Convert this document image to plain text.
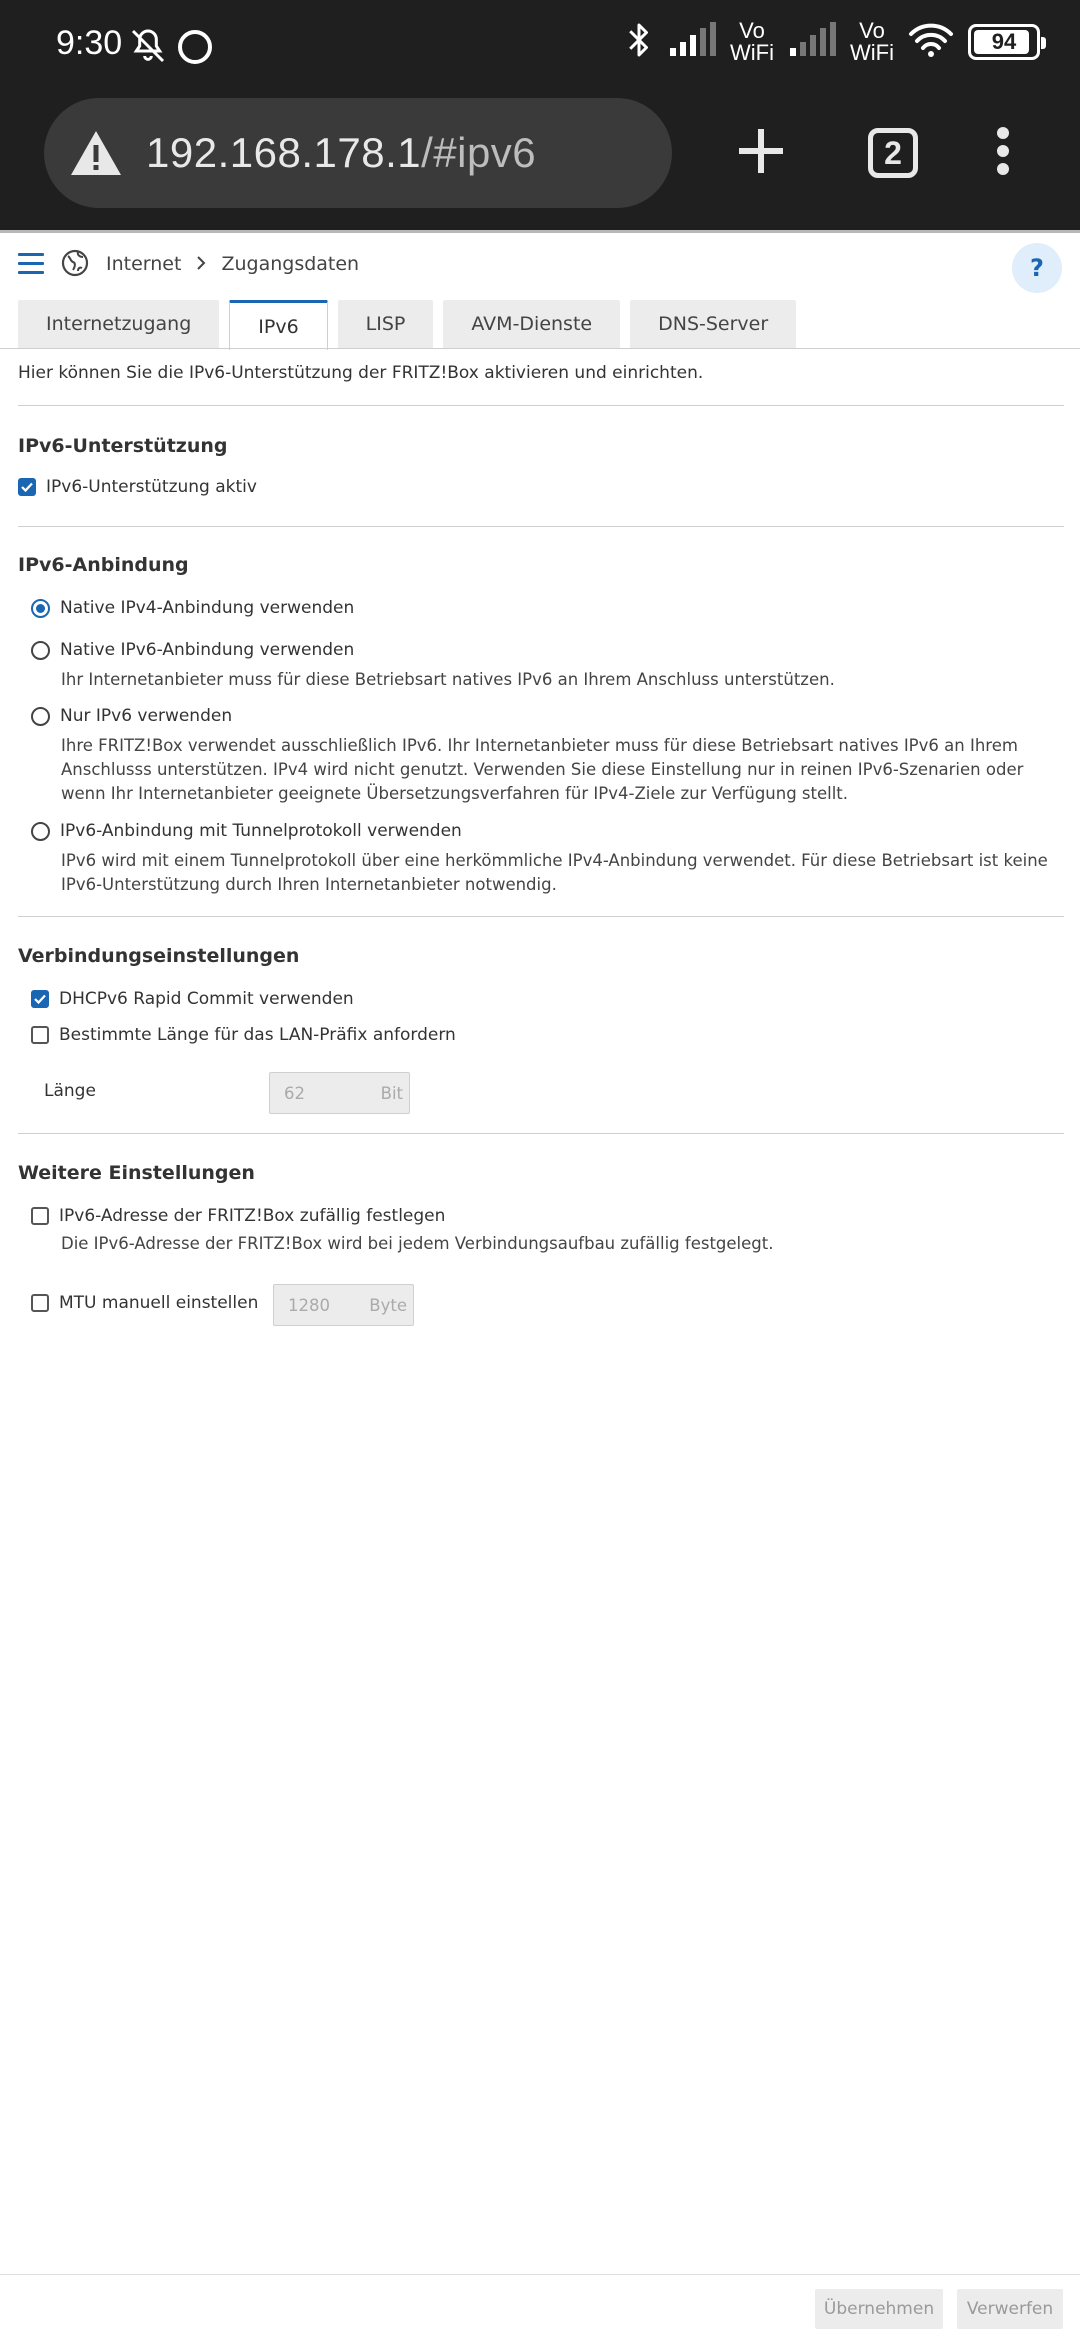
9:30	Vo
WiFi
Vo
WiFi	94
192.168.178.1/#ipv6	2
Internet Zugangsdaten	?
Internetzugang	IPv6	LISP	AVM-Dienste	DNS-Server
Hier können Sie die IPv6-Unterstützung der FRITZ!Box aktivieren und einrichten.
IPv6-Unterstützung
IPv6-Unterstützung aktiv
IPv6-Anbindung
Native IPv4-Anbindung verwenden
Native IPv6-Anbindung verwenden
Ihr Internetanbieter muss für diese Betriebsart natives IPv6 an Ihrem Anschluss unterstützen.
Nur IPv6 verwenden
Ihre FRITZ!Box verwendet ausschließlich IPv6. Ihr Internetanbieter muss für diese Betriebsart natives IPv6 an Ihrem Anschlusss unterstützen. IPv4 wird nicht genutzt. Verwenden Sie diese Einstellung nur in reinen IPv6-Szenarien oder wenn Ihr Internetanbieter geeignete Übersetzungsverfahren für IPv4-Ziele zur Verfügung stellt.
IPv6-Anbindung mit Tunnelprotokoll verwenden
IPv6 wird mit einem Tunnelprotokoll über eine herkömmliche IPv4-Anbindung verwendet. Für diese Betriebsart ist keine IPv6-Unterstützung durch Ihren Internetanbieter notwendig.
Verbindungseinstellungen
DHCPv6 Rapid Commit verwenden
Bestimmte Länge für das LAN-Präfix anfordern
Länge	62	Bit
Weitere Einstellungen
IPv6-Adresse der FRITZ!Box zufällig festlegen
Die IPv6-Adresse der FRITZ!Box wird bei jedem Verbindungsaufbau zufällig festgelegt.
MTU manuell einstellen 1280 Byte
Übernehmen	Verwerfen
